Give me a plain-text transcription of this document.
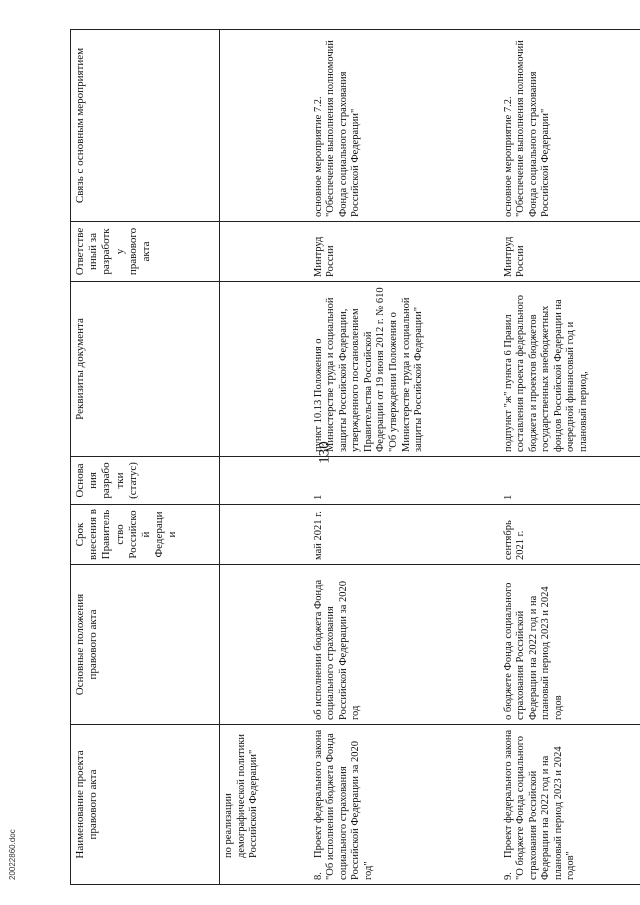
130
Наименование проекта правового акта	Основные положения правового акта	Срок внесения в Правительство Российской Федерации	Основания разработки (статус)	Реквизиты документа	Ответственный за разработку правового акта	Связь с основным мероприятием

по реализации демографической политики Российской Федерации"						

8.Проект федерального закона "Об исполнении бюджета Фонда социального страхования Российской Федерации за 2020 год"	об исполнении бюджета Фонда социального страхования Российской Федерации за 2020 год	май 2021 г.	1	пункт 10.13 Положения о Министерстве труда и социальной защиты Российской Федерации, утвержденного постановлением Правительства Российской Федерации от 19 июня 2012 г. № 610 "Об утверждении Положения о Министерстве труда и социальной защиты Российской Федерации"	Минтруд России	основное мероприятие 7.2. "Обеспечение выполнения полномочий Фонда социального страхования Российской Федерации"
9.Проект федерального закона "О бюджете Фонда социального страхования Российской Федерации на 2022 год и на плановый период 2023 и 2024 годов"	о бюджете Фонда социального страхования Российской Федерации на 2022 год и на плановый период 2023 и 2024 годов	сентябрь 2021 г.	1	подпункт "ж" пункта 6 Правил составления проекта федерального бюджета и проектов бюджетов государственных внебюджетных фондов Российской Федерации на очередной финансовый год и плановый период,	Минтруд России	основное мероприятие 7.2. "Обеспечение выполнения полномочий Фонда социального страхования Российской Федерации"
20022860.doc
